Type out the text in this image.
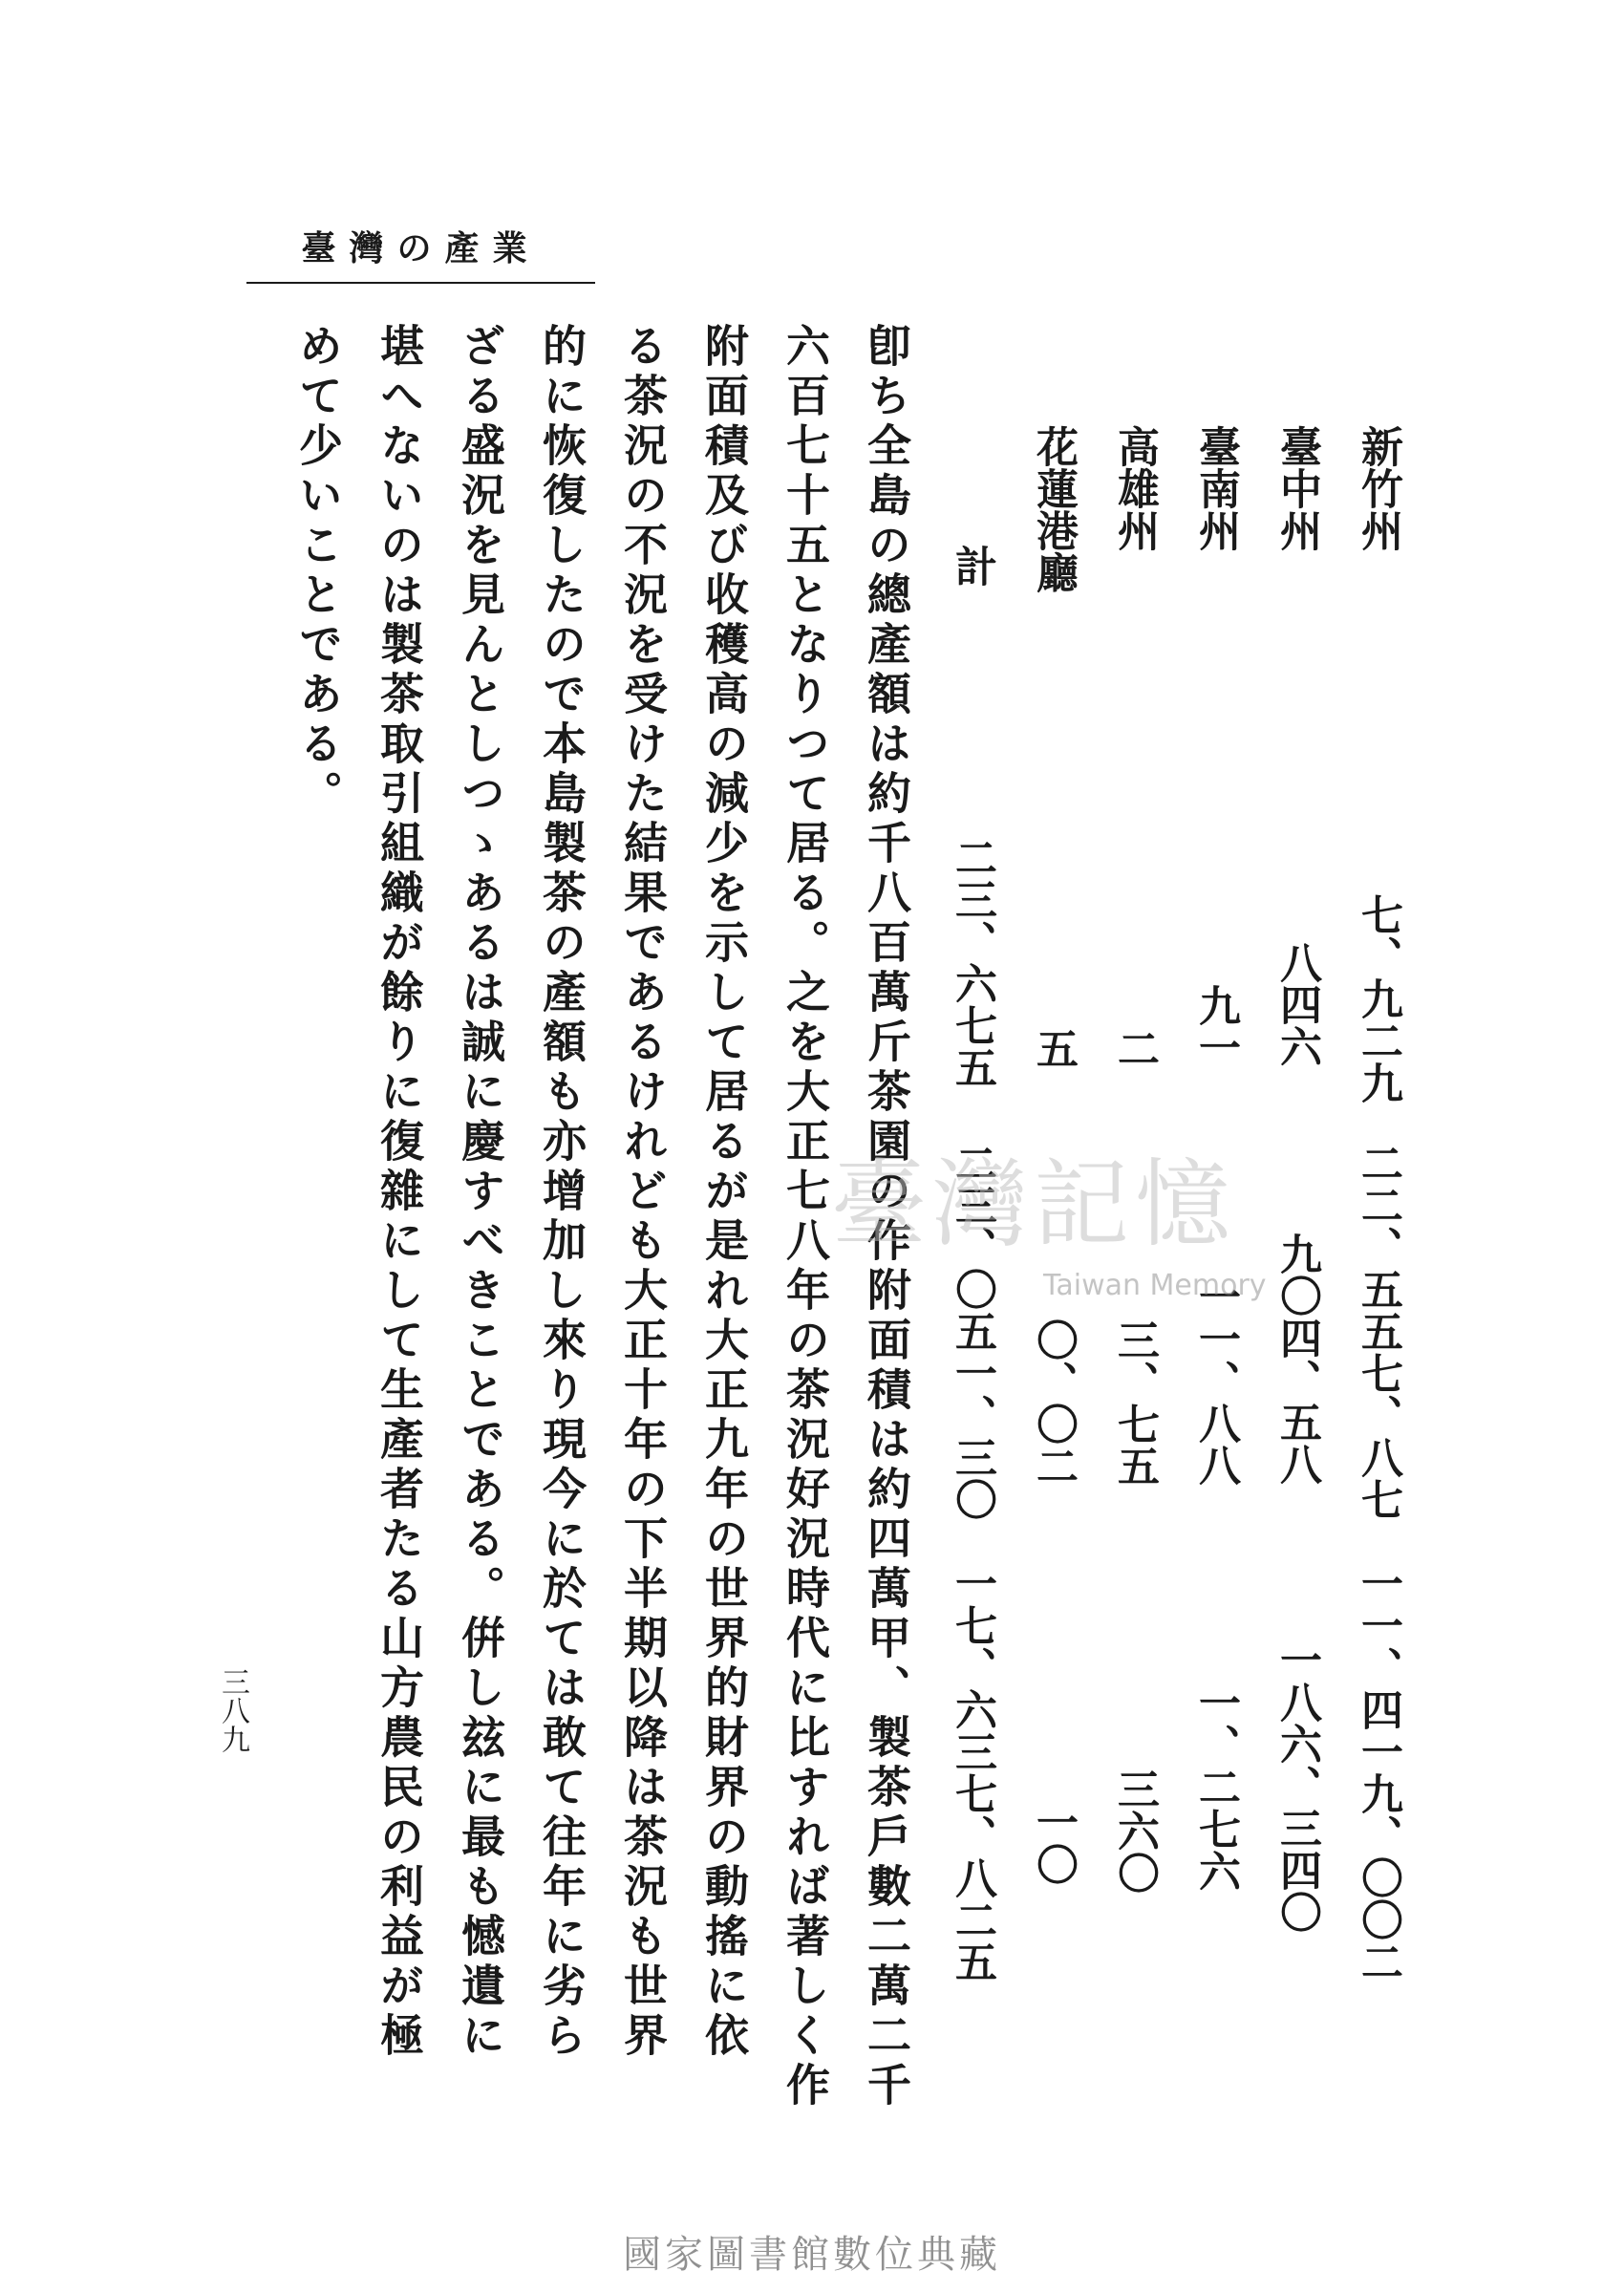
臺灣の產業
新竹州
臺中州
臺南州
高雄州
花蓮港廳
計
七、九二九
八四六
九一
二
五
二三、六七五
二二、五五七、八七
九〇四、五八
一一、八八
三、七五
〇、〇二
二三、〇五一、三〇
一一、四一九、〇〇二
一八六、三四〇
一、二七六
三六〇
一〇
一七、六三七、八二五
卽ち全島の總產額は約千八百萬斤茶園の作附面積は約四萬甲、製茶戶數二萬二千
六百七十五となりつて居る。之を大正七八年の茶況好況時代に比すれば著しく作
附面積及び收穫高の減少を示して居るが是れ大正九年の世界的財界の動搖に依
る茶況の不況を受けた結果であるけれども大正十年の下半期以降は茶況も世界
的に恢復したので本島製茶の產額も亦增加し來り現今に於ては敢て往年に劣ら
ざる盛況を見んとしつゝあるは誠に慶すべきことである。倂し玆に最も憾遺に
堪へないのは製茶取引組織が餘りに復雜にして生產者たる山方農民の利益が極
めて少いことである。
三八九
臺灣記憶
Taiwan Memory
國家圖書館數位典藏
